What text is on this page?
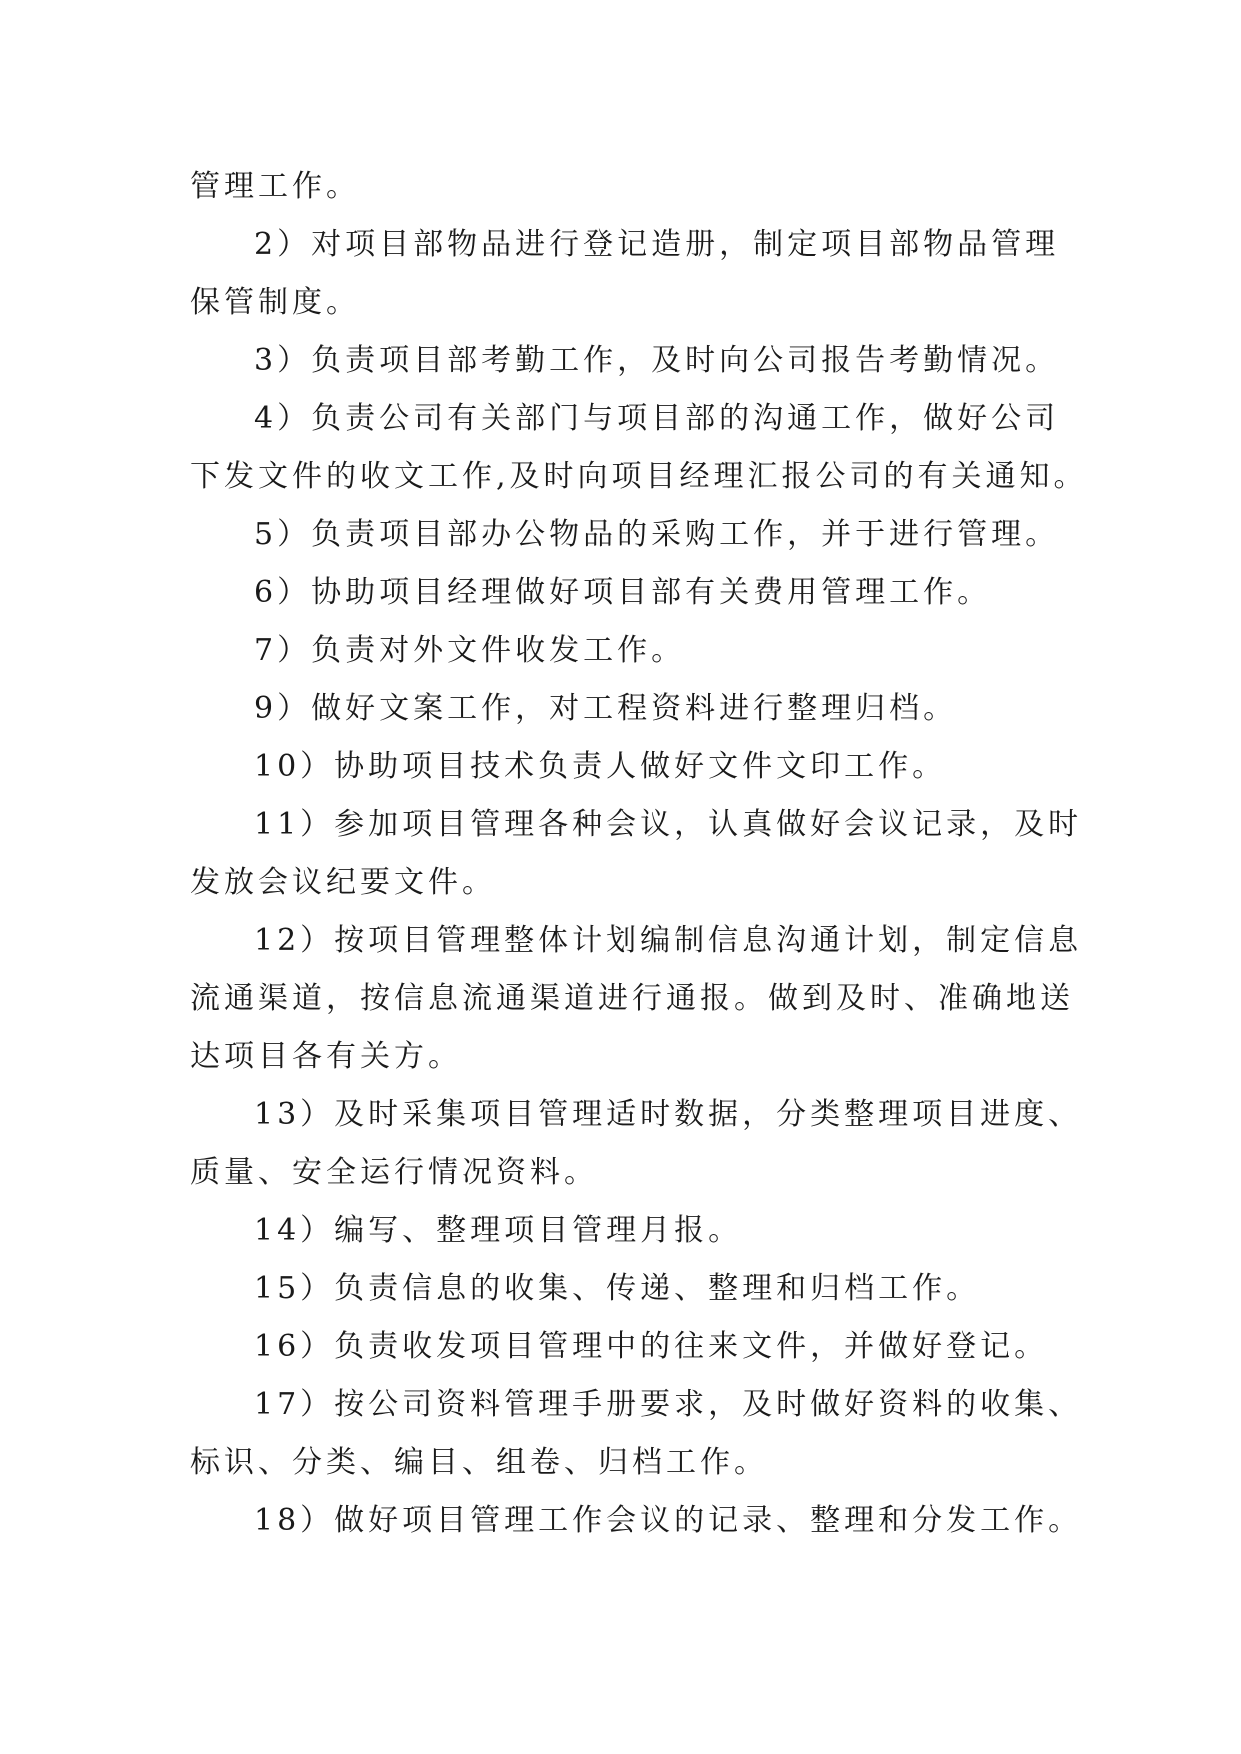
管理工作。

2）对项目部物品进行登记造册，制定项目部物品管理
保管制度。

3）负责项目部考勤工作，及时向公司报告考勤情况。

4）负责公司有关部门与项目部的沟通工作，做好公司
下发文件的收文工作,及时向项目经理汇报公司的有关通知。

5）负责项目部办公物品的采购工作，并于进行管理。

6）协助项目经理做好项目部有关费用管理工作。

7）负责对外文件收发工作。

9）做好文案工作，对工程资料进行整理归档。

10）协助项目技术负责人做好文件文印工作。

11）参加项目管理各种会议，认真做好会议记录，及时
发放会议纪要文件。

12）按项目管理整体计划编制信息沟通计划，制定信息
流通渠道，按信息流通渠道进行通报。做到及时、准确地送
达项目各有关方。

13）及时采集项目管理适时数据，分类整理项目进度、
质量、安全运行情况资料。

14）编写、整理项目管理月报。

15）负责信息的收集、传递、整理和归档工作。

16）负责收发项目管理中的往来文件，并做好登记。

17）按公司资料管理手册要求，及时做好资料的收集、
标识、分类、编目、组卷、归档工作。

18）做好项目管理工作会议的记录、整理和分发工作。
